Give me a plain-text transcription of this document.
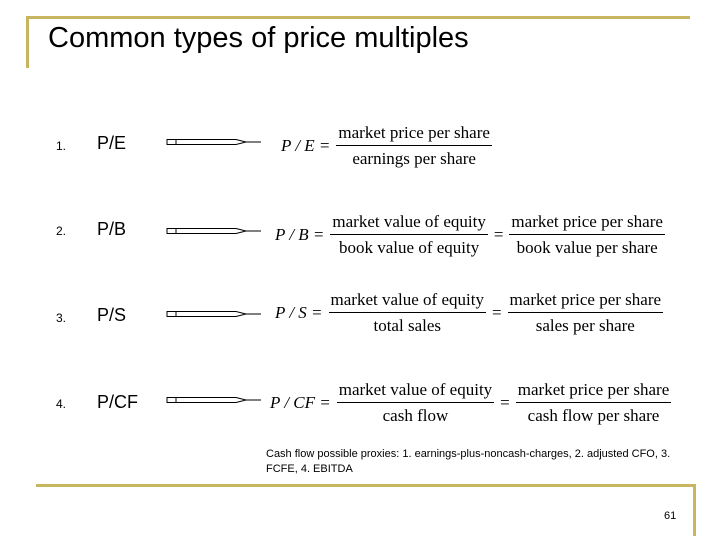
Common types of price multiples
1. P/E	$P / E = \frac{\text{market price per share}}{\text{earnings per share}}$
2. P/B	$P / B = \frac{\text{market value of equity}}{\text{book value of equity}} = \frac{\text{market price per share}}{\text{book value per share}}$
3. P/S	$P / S = \frac{\text{market value of equity}}{\text{total sales}} = \frac{\text{market price per share}}{\text{sales per share}}$
4. P/CF	P / CF = $\frac{\text{market value of equity}}{\text{cash flow}} = \frac{\text{market price per share}}{\text{cash flow per share}}$
Cash flow possible proxies: 1. earnings-plus-noncash-charges, 2. adjusted CFO, 3. FCFE, 4. EBITDA
61
